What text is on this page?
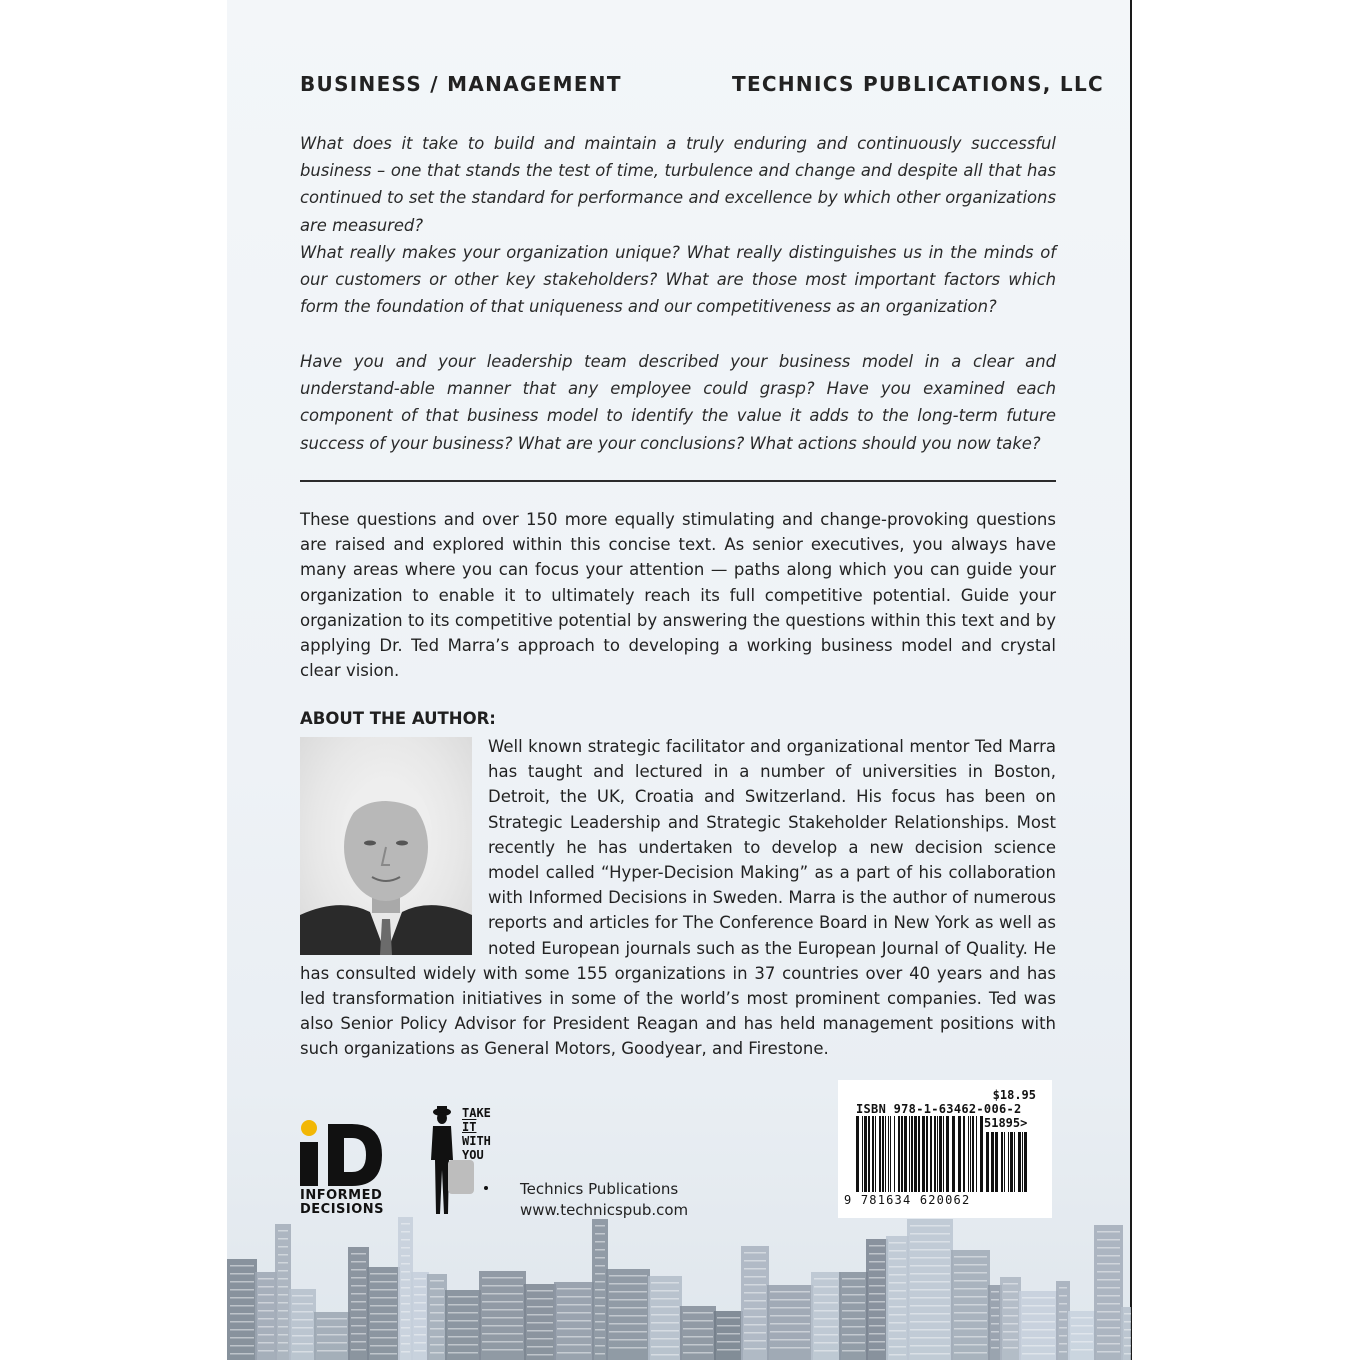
BUSINESS / MANAGEMENT	TECHNICS PUBLICATIONS, LLC

What does it take to build and maintain a truly enduring and continuously successful business – one that stands the test of time, turbulence and change and despite all that has continued to set the standard for performance and excellence by which other organizations are measured?

What really makes your organization unique? What really distinguishes us in the minds of our customers or other key stakeholders? What are those most important factors which form the foundation of that uniqueness and our competitiveness as an organization?

Have you and your leadership team described your business model in a clear and understand-able manner that any employee could grasp? Have you examined each component of that business model to identify the value it adds to the long-term future success of your business? What are your conclusions? What actions should you now take?

These questions and over 150 more equally stimulating and change-provoking questions are raised and explored within this concise text. As senior executives, you always have many areas where you can focus your attention — paths along which you can guide your organization to enable it to ultimately reach its full competitive potential. Guide your organization to its competitive potential by answering the questions within this text and by applying Dr. Ted Marra’s approach to developing a working business model and crystal clear vision.

ABOUT THE AUTHOR:

Well known strategic facilitator and organizational mentor Ted Marra has taught and lectured in a number of universities in Boston, Detroit, the UK, Croatia and Switzerland. His focus has been on Strategic Leadership and Strategic Stakeholder Relationships. Most recently he has undertaken to develop a new decision science model called “Hyper-Decision Making” as a part of his collaboration with Informed Decisions in Sweden. Marra is the author of numerous reports and articles for The Conference Board in New York as well as noted European journals such as the European Journal of Quality. He has consulted widely with some 155 organizations in 37 countries over 40 years and has led transformation initiatives in some of the world’s most prominent companies. Ted was also Senior Policy Advisor for President Reagan and has held management positions with such organizations as General Motors, Goodyear, and Firestone.

INFORMED
DECISIONS
TAKE
IT
WITH
YOU
Technics Publications
www.technicspub.com
$18.95
ISBN 978-1-63462-006-2
51895>
9 781634 620062
